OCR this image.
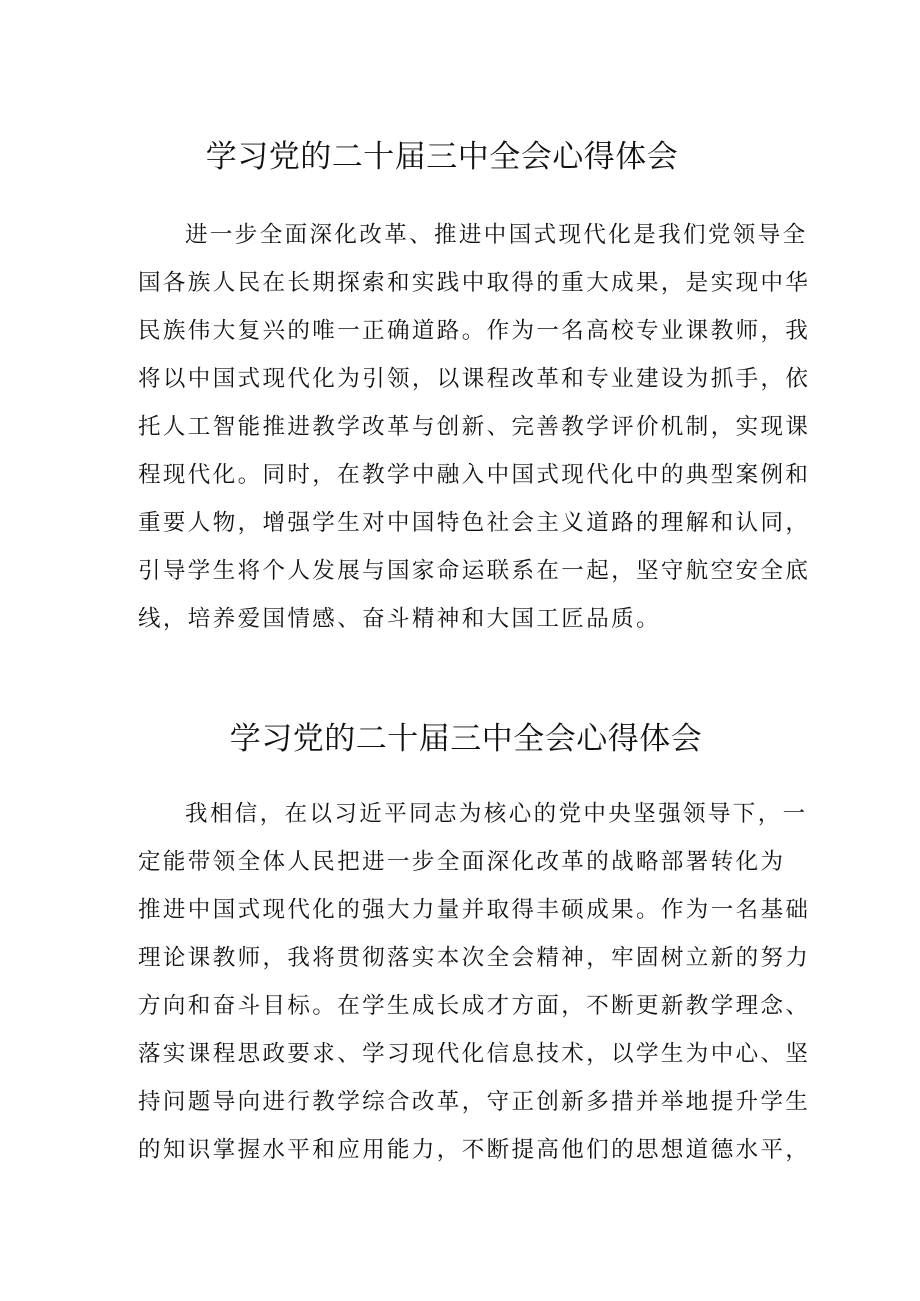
学习党的二十届三中全会心得体会

进一步全面深化改革、推进中国式现代化是我们党领导全
国各族人民在长期探索和实践中取得的重大成果，是实现中华
民族伟大复兴的唯一正确道路。作为一名高校专业课教师，我
将以中国式现代化为引领，以课程改革和专业建设为抓手，依
托人工智能推进教学改革与创新、完善教学评价机制，实现课
程现代化。同时，在教学中融入中国式现代化中的典型案例和
重要人物，增强学生对中国特色社会主义道路的理解和认同，
引导学生将个人发展与国家命运联系在一起，坚守航空安全底
线，培养爱国情感、奋斗精神和大国工匠品质。

学习党的二十届三中全会心得体会

我相信，在以习近平同志为核心的党中央坚强领导下，一
定能带领全体人民把进一步全面深化改革的战略部署转化为
推进中国式现代化的强大力量并取得丰硕成果。作为一名基础
理论课教师，我将贯彻落实本次全会精神，牢固树立新的努力
方向和奋斗目标。在学生成长成才方面，不断更新教学理念、
落实课程思政要求、学习现代化信息技术，以学生为中心、坚
持问题导向进行教学综合改革，守正创新多措并举地提升学生
的知识掌握水平和应用能力，不断提高他们的思想道德水平，
